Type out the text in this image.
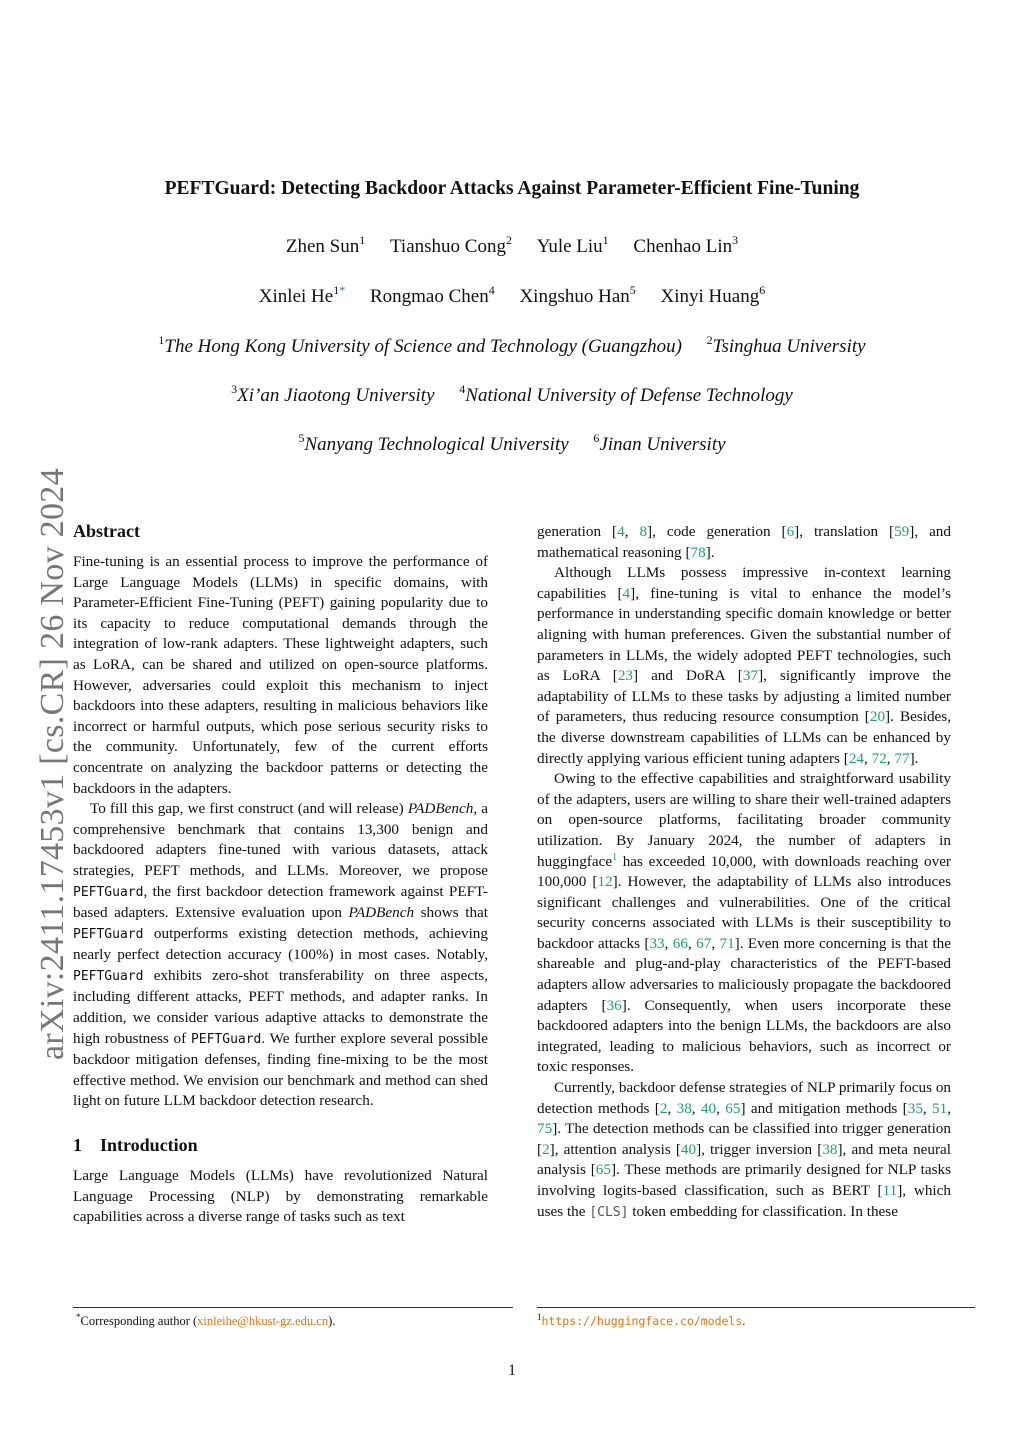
arXiv:2411.17453v1 [cs.CR] 26 Nov 2024
PEFTGuard: Detecting Backdoor Attacks Against Parameter-Efficient Fine-Tuning
Zhen Sun$^1$ Tianshuo Cong$^2$ Yule Liu$^1$ Chenhao Lin$^3$
Xinlei $He^{1*}$ Rongmao Chen$^4$ Xingshuo Han$^5$ Xinyi Huang$^6$
$^1$The Hong Kong University of Science and Technology (Guangzhou) $^2$Tsinghua University
$^3$Xi’an Jiaotong University $^4$National University of Defense Technology
$^5$Nanyang Technological University $^6$Jinan University
Abstract

Fine-tuning is an essential process to improve the performance of Large Language Models (LLMs) in specific domains, with Parameter-Efficient Fine-Tuning (PEFT) gaining popularity due to its capacity to reduce computational demands through the integration of low-rank adapters. These lightweight adapters, such as LoRA, can be shared and utilized on open-source platforms. However, adversaries could exploit this mechanism to inject backdoors into these adapters, resulting in malicious behaviors like incorrect or harmful outputs, which pose serious security risks to the community. Unfortunately, few of the current efforts concentrate on analyzing the backdoor patterns or detecting the backdoors in the adapters.

To fill this gap, we first construct (and will release) PADBench, a comprehensive benchmark that contains 13,300 benign and backdoored adapters fine-tuned with various datasets, attack strategies, PEFT methods, and LLMs. Moreover, we propose PEFTGuard, the first backdoor detection framework against PEFT-based adapters. Extensive evaluation upon PADBench shows that PEFTGuard outperforms existing detection methods, achieving nearly perfect detection accuracy (100%) in most cases. Notably, PEFTGuard exhibits zero-shot transferability on three aspects, including different attacks, PEFT methods, and adapter ranks. In addition, we consider various adaptive attacks to demonstrate the high robustness of PEFTGuard. We further explore several possible backdoor mitigation defenses, finding fine-mixing to be the most effective method. We envision our benchmark and method can shed light on future LLM backdoor detection research.

1    Introduction

Large Language Models (LLMs) have revolutionized Natural Language Processing (NLP) by demonstrating remarkable capabilities across a diverse range of tasks such as text

generation [4, 8], code generation [6], translation [59], and mathematical reasoning [78].

Although LLMs possess impressive in-context learning capabilities [4], fine-tuning is vital to enhance the model’s performance in understanding specific domain knowledge or better aligning with human preferences. Given the substantial number of parameters in LLMs, the widely adopted PEFT technologies, such as LoRA [23] and DoRA [37], significantly improve the adaptability of LLMs to these tasks by adjusting a limited number of parameters, thus reducing resource consumption [20]. Besides, the diverse downstream capabilities of LLMs can be enhanced by directly applying various efficient tuning adapters [24, 72, 77].

Owing to the effective capabilities and straightforward usability of the adapters, users are willing to share their well-trained adapters on open-source platforms, facilitating broader community utilization. By January 2024, the number of adapters in huggingface$^1$ has exceeded 10,000, with downloads reaching over 100,000 [12]. However, the adaptability of LLMs also introduces significant challenges and vulnerabilities. One of the critical security concerns associated with LLMs is their susceptibility to backdoor attacks [33, 66, 67, 71]. Even more concerning is that the shareable and plug-and-play characteristics of the PEFT-based adapters allow adversaries to maliciously propagate the backdoored adapters [36]. Consequently, when users incorporate these backdoored adapters into the benign LLMs, the backdoors are also integrated, leading to malicious behaviors, such as incorrect or toxic responses.

Currently, backdoor defense strategies of NLP primarily focus on detection methods [2, 38, 40, 65] and mitigation methods [35, 51, 75]. The detection methods can be classified into trigger generation [2], attention analysis [40], trigger inversion [38], and meta neural analysis [65]. These methods are primarily designed for NLP tasks involving logits-based classification, such as BERT [11], which uses the [CLS] token embedding for classification. In these

*Corresponding author (xinleihe@hkust-gz.edu.cn).	$^1$https://huggingface.co/models.
1
